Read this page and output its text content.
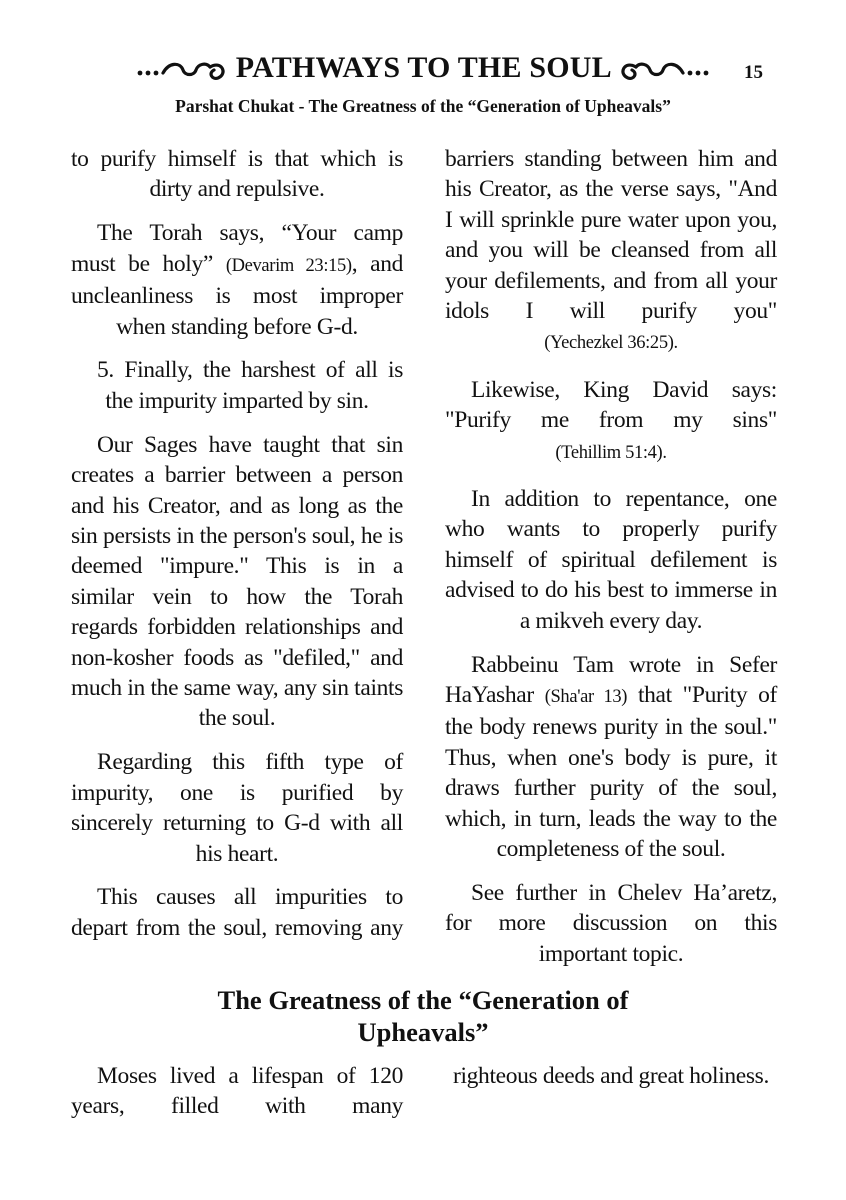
PATHWAYS TO THE SOUL	15
Parshat Chukat - The Greatness of the “Generation of Upheavals”

to purify himself is that which is dirty and repulsive.

The Torah says, “Your camp must be holy” (Devarim 23:15), and uncleanliness is most improper when standing before G-d.

5. Finally, the harshest of all is the impurity imparted by sin.

Our Sages have taught that sin creates a barrier between a person and his Creator, and as long as the sin persists in the person's soul, he is deemed "impure." This is in a similar vein to how the Torah regards forbidden relationships and non-kosher foods as "defiled," and much in the same way, any sin taints the soul.

Regarding this fifth type of impurity, one is purified by sincerely returning to G-d with all his heart.

This causes all impurities to depart from the soul, removing any

barriers standing between him and his Creator, as the verse says, "And I will sprinkle pure water upon you, and you will be cleansed from all your defilements, and from all your idols I will purify you"

(Yechezkel 36:25).

Likewise, King David says: "Purify me from my sins"

(Tehillim 51:4).

In addition to repentance, one who wants to properly purify himself of spiritual defilement is advised to do his best to immerse in a mikveh every day.

Rabbeinu Tam wrote in Sefer HaYashar (Sha'ar 13) that "Purity of the body renews purity in the soul." Thus, when one's body is pure, it draws further purity of the soul, which, in turn, leads the way to the completeness of the soul.

See further in Chelev Ha’aretz, for more discussion on this important topic.

The Greatness of the “Generation of
Upheavals”

Moses lived a lifespan of 120 years, filled with many

righteous deeds and great holiness.
